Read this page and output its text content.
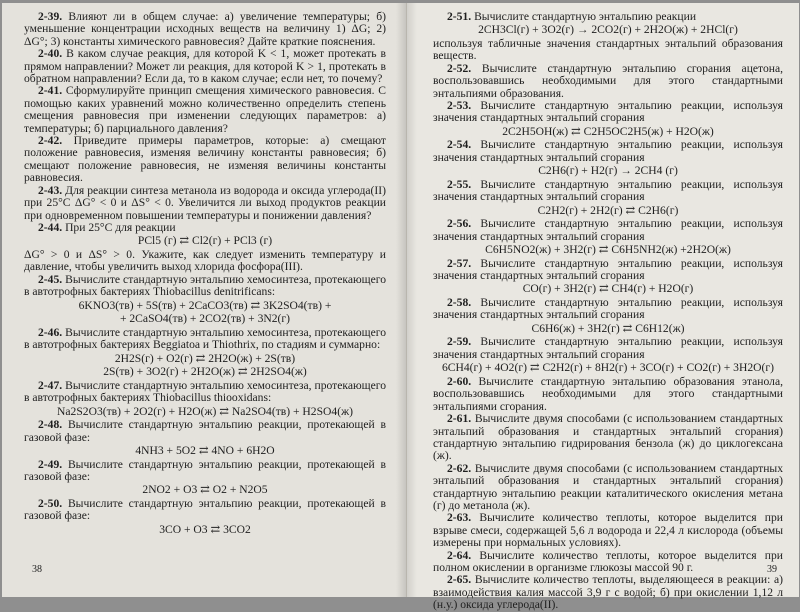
2-39. Влияют ли в общем случае: а) увеличение температуры; б) уменьшение концентрации исходных веществ на величину 1) ΔG; 2) ΔG°; 3) константы химического равновесия? Дайте краткие пояснения.

2-40. В каком случае реакция, для которой K < 1, может протекать в прямом направлении? Может ли реакция, для которой K > 1, протекать в обратном направлении? Если да, то в каком случае; если нет, то почему?

2-41. Сформулируйте принцип смещения химического равновесия. С помощью каких уравнений можно количественно определить степень смещения равновесия при изменении следующих параметров: а) температуры; б) парциального давления?

2-42. Приведите примеры параметров, которые: а) смещают положение равновесия, изменяя величину константы равновесия; б) смещают положение равновесия, не изменяя величины константы равновесия.

2-43. Для реакции синтеза метанола из водорода и оксида углерода(II) при 25°С ΔG° < 0 и ΔS° < 0. Увеличится ли выход продуктов реакции при одновременном повышении температуры и понижении давления?

2-44. При 25°С для реакции

PCl5 (г) ⇄ Cl2(г) + PCl3 (г)

ΔG° > 0 и ΔS° > 0. Укажите, как следует изменить температуру и давление, чтобы увеличить выход хлорида фосфора(III).

2-45. Вычислите стандартную энтальпию хемосинтеза, протекающего в автотрофных бактериях Thiobacillus denitrificans:

6KNO3(тв) + 5S(тв) + 2CaCO3(тв) ⇄ 3K2SO4(тв) +
+ 2CaSO4(тв) + 2CO2(тв) + 3N2(г)

2-46. Вычислите стандартную энтальпию хемосинтеза, протекающего в автотрофных бактериях Beggiatoa и Thiothrix, по стадиям и суммарно:

2H2S(г) + O2(г) ⇄ 2H2O(ж) + 2S(тв)
2S(тв) + 3O2(г) + 2H2O(ж) ⇄ 2H2SO4(ж)

2-47. Вычислите стандартную энтальпию хемосинтеза, протекающего в автотрофных бактериях Thiobacillus thiooxidans:

Na2S2O3(тв) + 2O2(г) + H2O(ж) ⇄ Na2SO4(тв) + H2SO4(ж)

2-48. Вычислите стандартную энтальпию реакции, протекающей в газовой фазе:

4NH3 + 5O2 ⇄ 4NO + 6H2O

2-49. Вычислите стандартную энтальпию реакции, протекающей в газовой фазе:

2NO2 + O3 ⇄ O2 + N2O5

2-50. Вычислите стандартную энтальпию реакции, протекающей в газовой фазе:

3CO + O3 ⇄ 3CO2
38

2-51. Вычислите стандартную энтальпию реакции

2CH3Cl(г) + 3O2(г) → 2CO2(г) + 2H2O(ж) + 2HCl(г)

используя табличные значения стандартных энтальпий образования веществ.

2-52. Вычислите стандартную энтальпию сгорания ацетона, воспользовавшись необходимыми для этого стандартными энтальпиями образования.

2-53. Вычислите стандартную энтальпию реакции, используя значения стандартных энтальпий сгорания

2C2H5OH(ж) ⇄ C2H5OC2H5(ж) + H2O(ж)

2-54. Вычислите стандартную энтальпию реакции, используя значения стандартных энтальпий сгорания

C2H6(г) + H2(г) → 2CH4 (г)

2-55. Вычислите стандартную энтальпию реакции, используя значения стандартных энтальпий сгорания

C2H2(г) + 2H2(г) ⇄ C2H6(г)

2-56. Вычислите стандартную энтальпию реакции, используя значения стандартных энтальпий сгорания

C6H5NO2(ж) + 3H2(г) ⇄ C6H5NH2(ж) +2H2O(ж)

2-57. Вычислите стандартную энтальпию реакции, используя значения стандартных энтальпий сгорания

CO(г) + 3H2(г) ⇄ CH4(г) + H2O(г)

2-58. Вычислите стандартную энтальпию реакции, используя значения стандартных энтальпий сгорания

C6H6(ж) + 3H2(г) ⇄ C6H12(ж)

2-59. Вычислите стандартную энтальпию реакции, используя значения стандартных энтальпий сгорания

6CH4(г) + 4O2(г) ⇄ C2H2(г) + 8H2(г) + 3CO(г) + CO2(г) + 3H2O(г)

2-60. Вычислите стандартную энтальпию образования этанола, воспользовавшись необходимыми для этого стандартными энтальпиями сгорания.

2-61. Вычислите двумя способами (с использованием стандартных энтальпий образования и стандартных энтальпий сгорания) стандартную энтальпию гидрирования бензола (ж) до циклогексана (ж).

2-62. Вычислите двумя способами (с использованием стандартных энтальпий образования и стандартных энтальпий сгорания) стандартную энтальпию реакции каталитического окисления метана (г) до метанола (ж).

2-63. Вычислите количество теплоты, которое выделится при взрыве смеси, содержащей 5,6 л водорода и 22,4 л кислорода (объемы измерены при нормальных условиях).

2-64. Вычислите количество теплоты, которое выделится при полном окислении в организме глюкозы массой 90 г.

2-65. Вычислите количество теплоты, выделяющееся в реакции: а) взаимодействия калия массой 3,9 г с водой; б) при окислении 1,12 л (н.у.) оксида углерода(II).

39
